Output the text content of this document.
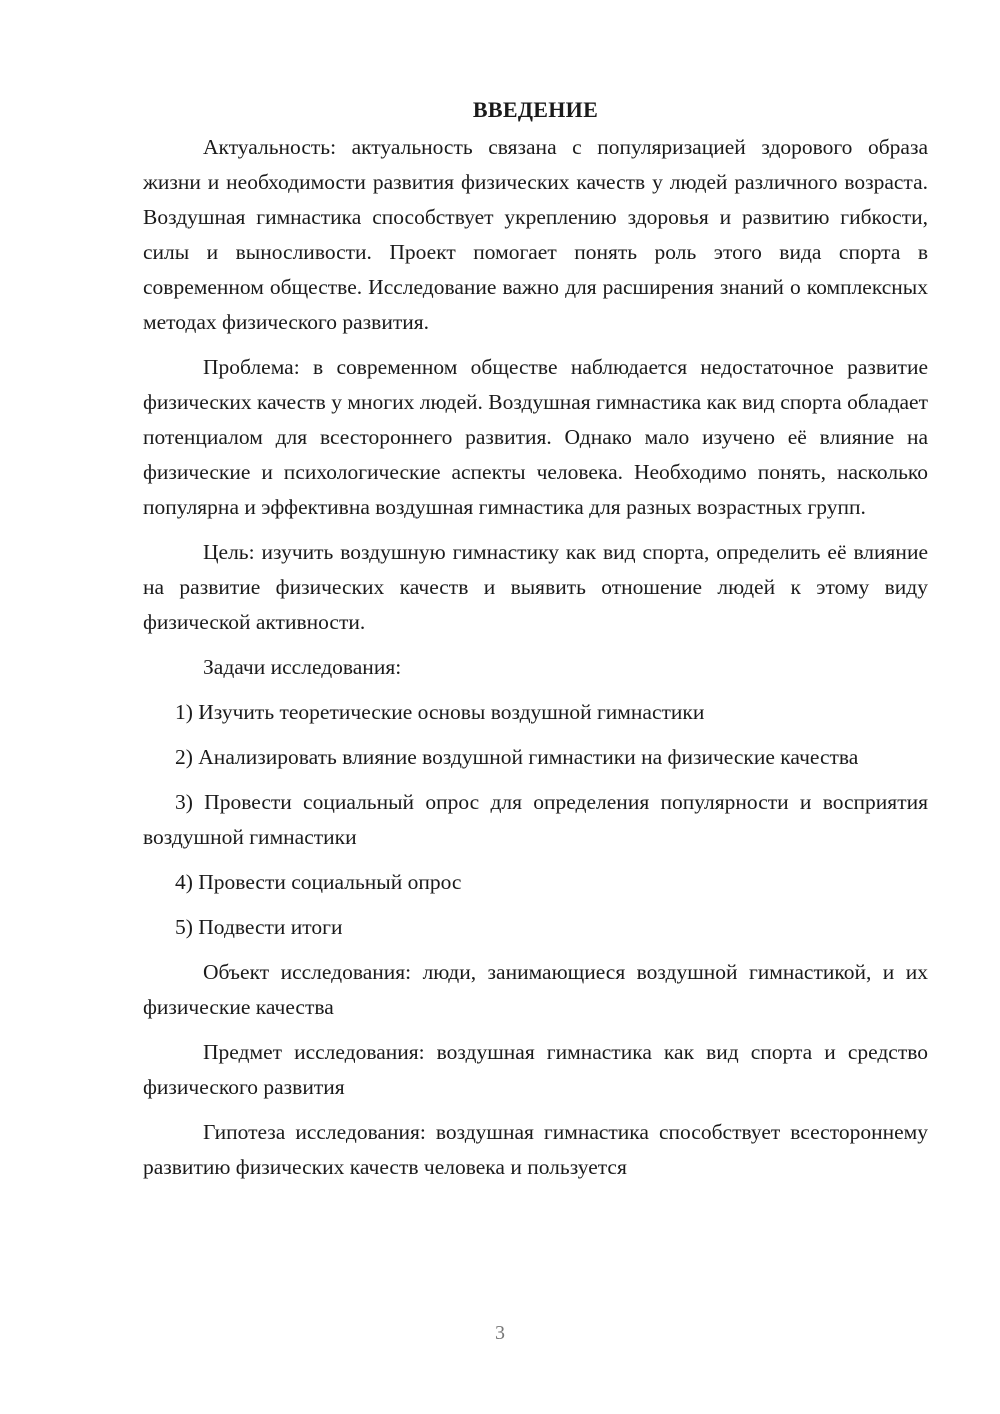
ВВЕДЕНИЕ

Актуальность: актуальность связана с популяризацией здорового образа жизни и необходимости развития физических качеств у людей различного возраста. Воздушная гимнастика способствует укреплению здоровья и развитию гибкости, силы и выносливости. Проект помогает понять роль этого вида спорта в современном обществе. Исследование важно для расширения знаний о комплексных методах физического развития.

Проблема: в современном обществе наблюдается недостаточное развитие физических качеств у многих людей. Воздушная гимнастика как вид спорта обладает потенциалом для всестороннего развития. Однако мало изучено её влияние на физические и психологические аспекты человека. Необходимо понять, насколько популярна и эффективна воздушная гимнастика для разных возрастных групп.

Цель: изучить воздушную гимнастику как вид спорта, определить её влияние на развитие физических качеств и выявить отношение людей к этому виду физической активности.

Задачи исследования:

1) Изучить теоретические основы воздушной гимнастики

2) Анализировать влияние воздушной гимнастики на физические качества

3) Провести социальный опрос для определения популярности и восприятия воздушной гимнастики

4) Провести социальный опрос

5) Подвести итоги

Объект исследования: люди, занимающиеся воздушной гимнастикой, и их физические качества

Предмет исследования: воздушная гимнастика как вид спорта и средство физического развития

Гипотеза исследования: воздушная гимнастика способствует всестороннему развитию физических качеств человека и пользуется

3
